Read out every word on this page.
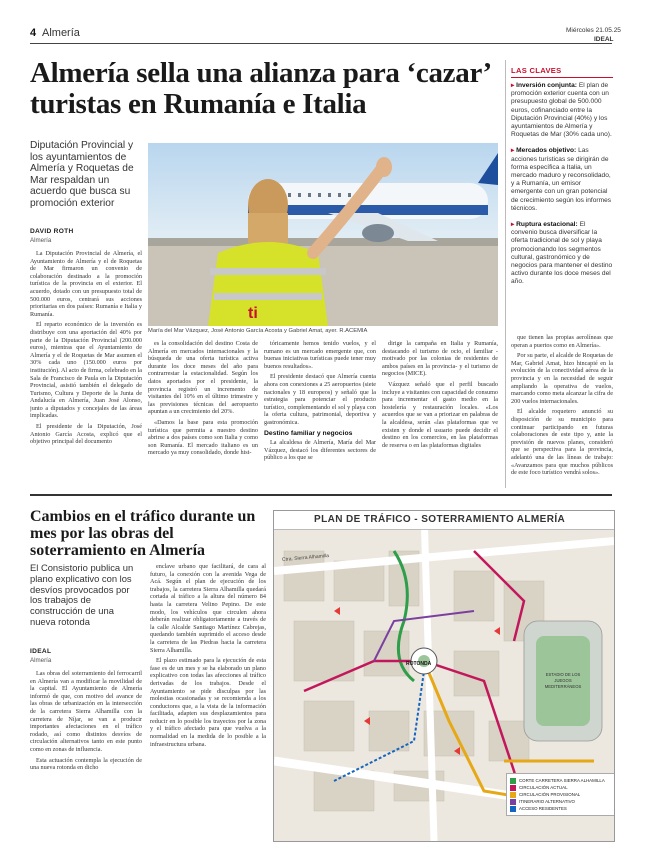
4 Almería	Miércoles 21.05.25
IDEAL
Almería sella una alianza para ‘cazar’ turistas en Rumanía e Italia
Diputación Provincial y los ayuntamientos de Almería y Roquetas de Mar respaldan un acuerdo que busca su promoción exterior
DAVID ROTH
Almería
ti
María del Mar Vázquez, José Antonio García Acosta y Gabriel Amat, ayer. R.ACEMIA

La Diputación Provincial de Almería, el Ayuntamiento de Almería y el de Roquetas de Mar firmaron un convenio de colaboración destinado a la promoción turística de la provincia en el exterior. El acuerdo, dotado con un presupuesto total de 500.000 euros, centrará sus acciones prioritarias en dos países: Rumanía e Italia y Rumanía.

El reparto económico de la inversión es distribuye con una aportación del 40% por parte de la Diputación Provincial (200.000 euros), mientras que el Ayuntamiento de Almería y el de Roquetas de Mar asumen el 30% cada uno (150.000 euros por institución). Al acto de firma, celebrado en la Sala de Francisco de Paula en la Diputación Provincial, asistió también el delegado de Turismo, Cultura y Deporte de la Junta de Andalucía en Almería, Juan José Alonso, junto a diputados y concejales de las áreas implicadas.

El presidente de la Diputación, José Antonio García Acosta, explicó que el objetivo principal del documento

es la consolidación del destino Costa de Almería en mercados internacionales y la búsqueda de una oferta turística activa durante los doce meses del año para contrarrestar la estacionalidad. Según los datos aportados por el presidente, la provincia registró un incremento de visitantes del 10% en el último trimestre y las previsiones técnicas del aeropuerto apuntan a un crecimiento del 20%.

«Damos la base para esta promoción turística que permita a nuestro destino abrirse a dos países como son Italia y como son Rumanía. El mercado italiano es un mercado ya muy consolidado, donde hist-

tóricamente hemos tenido vuelos, y el rumano es un mercado emergente que, con buenas iniciativas turísticas puede tener muy buenos resultados».

El presidente destacó que Almería cuenta ahora con conexiones a 25 aeropuertos (siete nacionales y 18 europeos) y señaló que la estrategia para potenciar el producto turístico, complementando el sol y playa con la oferta cultura, patrimonial, deportiva y gastronómica.

Destino familiar y negocios

La alcaldesa de Almería, María del Mar Vázquez, destacó los diferentes sectores de público a los que se

dirige la campaña en Italia y Rumanía, destacando el turismo de ocio, el familiar -motivado por las colonias de residentes de ambos países en la provincia- y el turismo de negocios (MICE).

Vázquez señaló que el perfil buscado incluye a visitantes con capacidad de consumo para incrementar el gasto medio en la hostelería y restauración locales. «Los acuerdos que se van a priorizar en palabras de la alcaldesa, serán «las plataformas que ve existen y donde el usuario puede decidir el destino en los comercios, en las plataformas de reserva o en las plataformas digitales

LAS CLAVES
▸ Inversión conjunta: El plan de promoción exterior cuenta con un presupuesto global de 500.000 euros, cofinanciado entre la Diputación Provincial (40%) y los ayuntamientos de Almería y Roquetas de Mar (30% cada uno).
▸ Mercados objetivo: Las acciones turísticas se dirigirán de forma específica a Italia, un mercado maduro y reconsolidado, y a Rumanía, un emisor emergente con un gran potencial de crecimiento según los informes técnicos.
▸ Ruptura estacional: El convenio busca diversificar la oferta tradicional de sol y playa promocionando los segmentos cultural, gastronómico y de negocios para mantener el destino activo durante los doce meses del año.

que tienen las propias aerolíneas que operan a puertos como en Almería».

Por su parte, el alcalde de Roquetas de Mar, Gabriel Amat, hizo hincapié en la evolución de la conectividad aérea de la provincia y en la necesidad de seguir ampliando la operativa de vuelos, marcando como meta alcanzar la cifra de 200 vuelos internacionales.

El alcalde roquetero anunció su disposición de su municipio para continuar participando en futuras colaboraciones de este tipo y, ante la previsión de nuevos planes, consideró que se perspectiva para la provincia, adelantó una de las líneas de trabajo: «Avanzamos para que muchos públicos de este foco turístico vendrá solos».

Cambios en el tráfico durante un mes por las obras del soterramiento en Almería
El Consistorio publica un plano explicativo con los desvíos provocados por los trabajos de construcción de una nueva rotonda
IDEAL
Almería

Las obras del soterramiento del ferrocarril en Almería van a modificar la movilidad de la capital. El Ayuntamiento de Almería informó de que, con motivo del avance de las obras de urbanización en la intersección de la carretera Sierra Alhamilla con la carretera de Níjar, se van a producir importantes afectaciones en el tráfico rodado, así como distintos desvíos de circulación alternativos tanto en este punto como en zonas de influencia.

Esta actuación contempla la ejecución de una nueva rotonda en dicho

enclave urbano que facilitará, de cara al futuro, la conexión con la avenida Vega de Acá. Según el plan de ejecución de los trabajos, la carretera Sierra Alhamilla quedará cortada al tráfico a la altura del número 84 hasta la carretera Velino Pepino. De este modo, los vehículos que circulen ahora deberán realizar obligatoriamente a través de la calle Alcalde Santiago Martínez Cabrejas, quedando también suprimido el acceso desde la carretera de las Piedras hacia la carretera Sierra Alhamilla.

El plazo estimado para la ejecución de esta fase es de un mes y se ha elaborado un plano explicativo con todas las afecciones al tráfico derivadas de los trabajos. Desde el Ayuntamiento se pide disculpas por las molestias ocasionadas y se recomienda a los conductores que, a la vista de la información facilitada, adapten sus desplazamientos para reducir en lo posible los trayectos por la zona y el tráfico afectado para que vuelva a la normalidad en la medida de lo posible a la infraestructura urbana.

ESTADIO DE LOS
JUEGOS
MEDITERRÁNEOS
PLAN DE TRÁFICO - SOTERRAMIENTO ALMERÍA
ROTONDA
Ctra. Sierra Alhamilla
CORTE CARRETERA SIERRA ALHAMILLA
CIRCULACIÓN ACTUAL
CIRCULACIÓN PROVISIONAL
ITINERARIO ALTERNATIVO
ACCESO RESIDENTES
